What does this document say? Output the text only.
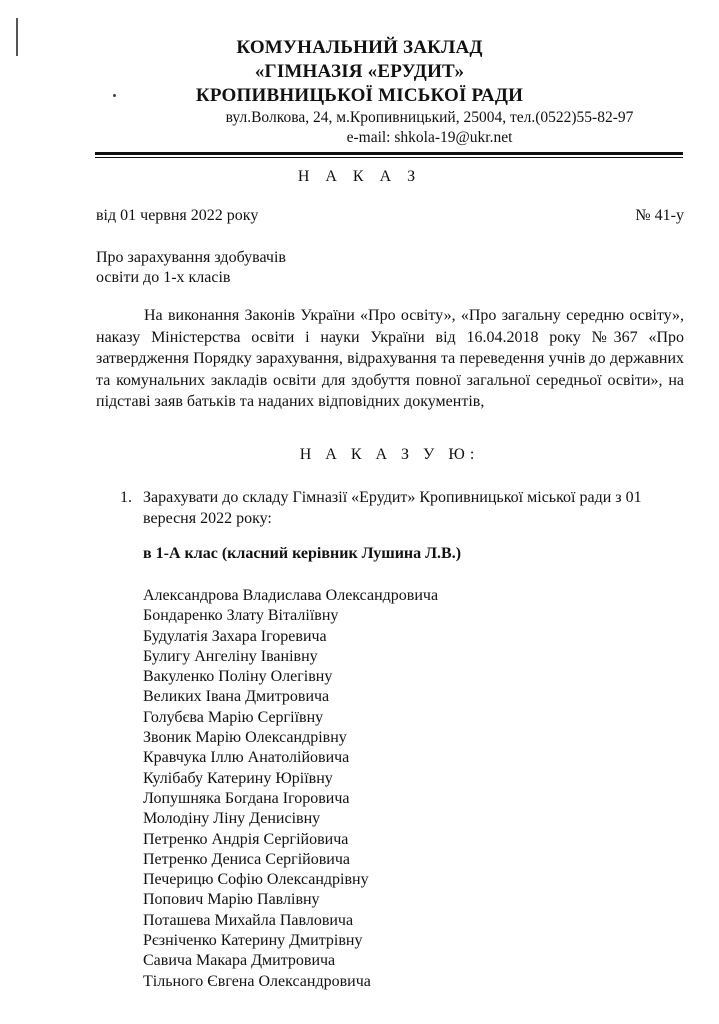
КОМУНАЛЬНИЙ ЗАКЛАД
«ГІМНАЗІЯ «ЕРУДИТ»
КРОПИВНИЦЬКОЇ МІСЬКОЇ РАДИ
вул.Волкова, 24, м.Кропивницький, 25004, тел.(0522)55-82-97
e-mail: shkola-19@ukr.net
Н А К А З
від 01 червня 2022 року	№ 41-у
Про зарахування здобувачів
освіти до 1-х класів
На виконання Законів України «Про освіту», «Про загальну середню освіту», наказу Міністерства освіти і науки України від 16.04.2018 року №367 «Про затвердження Порядку зарахування, відрахування та переведення учнів до державних та комунальних закладів освіти для здобуття повної загальної середньої освіти», на підставі заяв батьків та наданих відповідних документів,
Н А К А З У Ю:
1. Зарахувати до складу Гімназії «Ерудит» Кропивницької міської ради з 01 вересня 2022 року:
в 1-А клас (класний керівник Лушина Л.В.)
Александрова Владислава Олександровича
Бондаренко Злату Віталіївну
Будулатія Захара Ігоревича
Булигу Ангеліну Іванівну
Вакуленко Поліну Олегівну
Великих Івана Дмитровича
Голубєва Марію Сергіївну
Звоник Марію Олександрівну
Кравчука Іллю Анатолійовича
Кулібабу Катерину Юріївну
Лопушняка Богдана Ігоровича
Молодіну Ліну Денисівну
Петренко Андрія Сергійовича
Петренко Дениса Сергійовича
Печерицю Софію Олександрівну
Попович Марію Павлівну
Поташева Михайла Павловича
Рєзніченко Катерину Дмитрівну
Савича Макара Дмитровича
Тільного Євгена Олександровича
